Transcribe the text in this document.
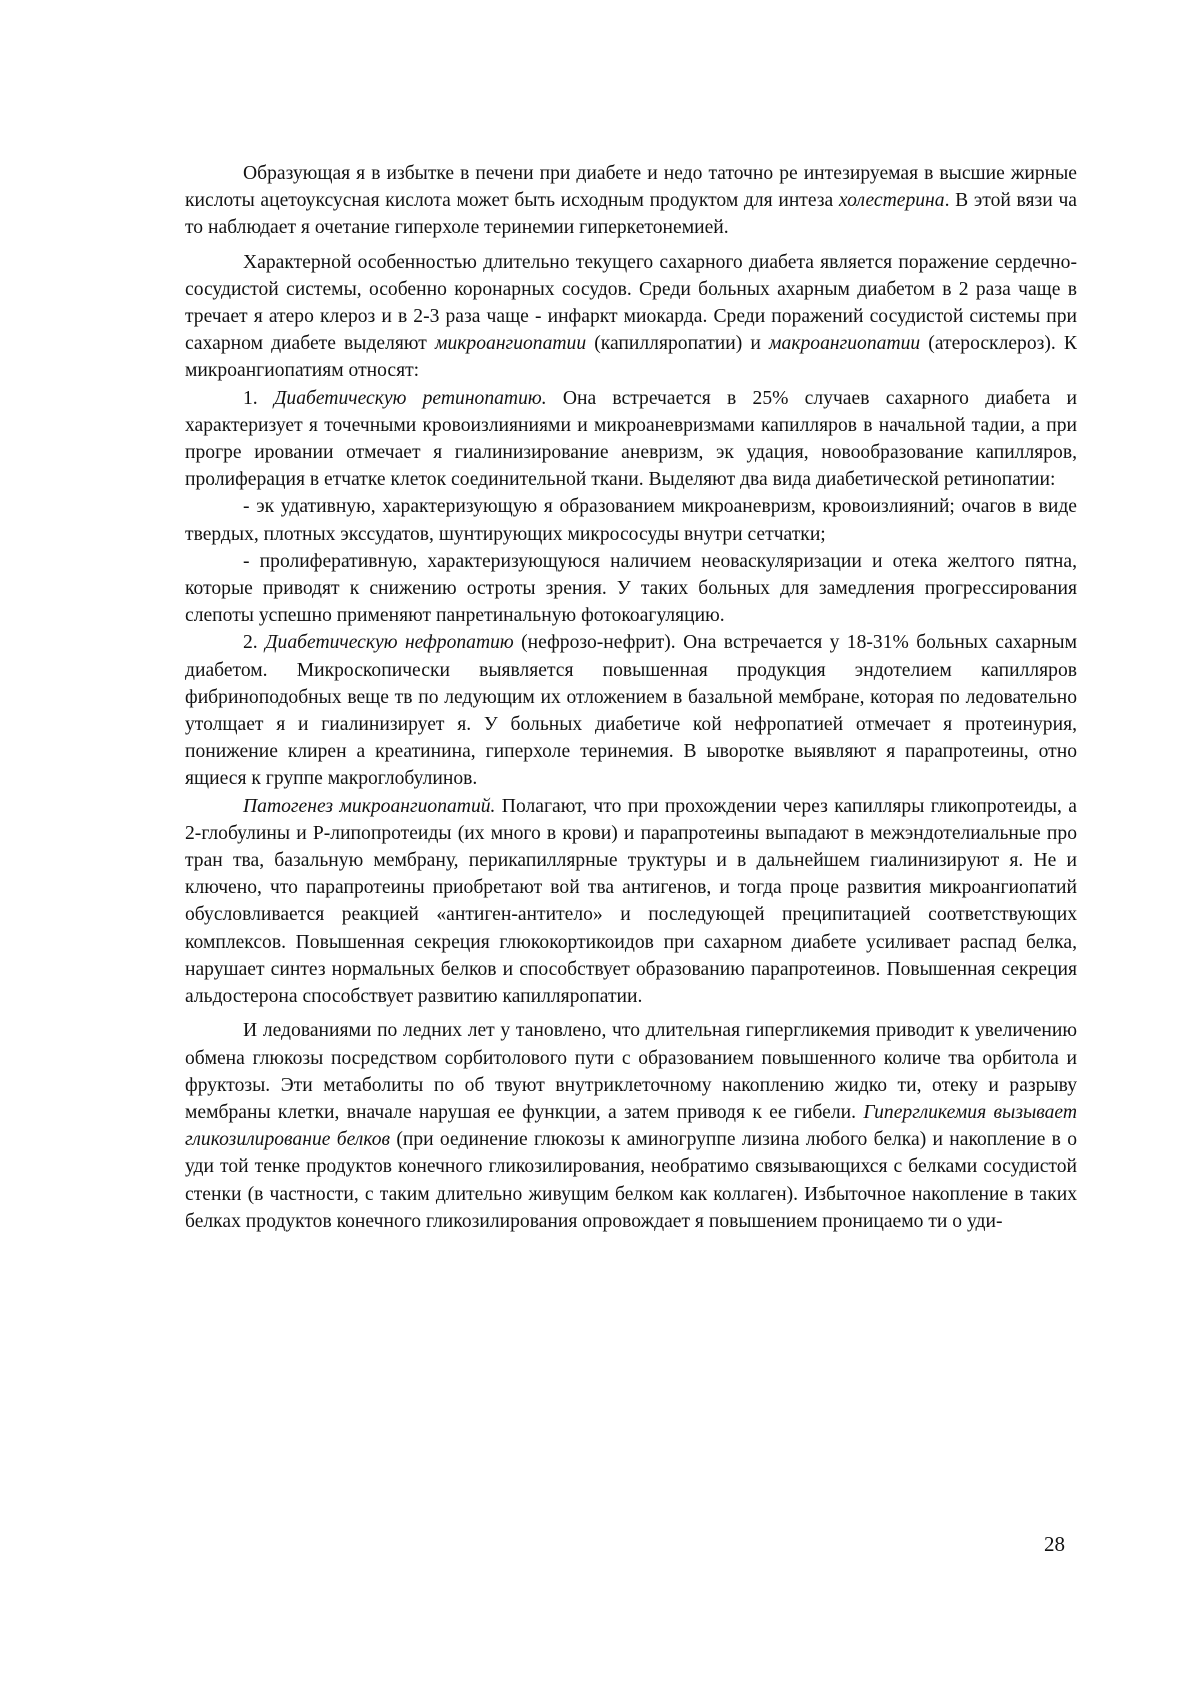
Образующая я в избытке в печени при диабете и недо таточно ре интезируемая в высшие жирные кислоты ацетоуксусная кислота может быть исходным продуктом для интеза холестерина. В этой вязи ча то наблюдает я очетание гиперхоле теринемии гиперкетонемией.

Характерной особенностью длительно текущего сахарного диабета является поражение сердечно-сосудистой системы, особенно коронарных сосудов. Среди больных ахарным диабетом в 2 раза чаще в тречает я атеро клероз и в 2-3 раза чаще - инфаркт миокарда. Среди поражений сосудистой системы при сахарном диабете выделяют микроангиопатии (капилляропатии) и макроангиопатии (атеросклероз). К микроангиопатиям относят:

1. Диабетическую ретинопатию. Она встречается в 25% случаев сахарного диабета и характеризует я точечными кровоизлияниями и микроаневризмами капилляров в начальной тадии, а при прогре ировании отмечает я гиалинизирование аневризм, эк удация, новообразование капилляров, пролиферация в етчатке клеток соединительной ткани. Выделяют два вида диабетической ретинопатии:

- эк удативную, характеризующую я образованием микроаневризм, кровоизлияний; очагов в виде твердых, плотных экссудатов, шунтирующих микрососуды внутри сетчатки;

- пролиферативную, характеризующуюся наличием неоваскуляризации и отека желтого пятна, которые приводят к снижению остроты зрения. У таких больных для замедления прогрессирования слепоты успешно применяют панретинальную фотокоагуляцию.

2. Диабетическую нефропатию (нефрозо-нефрит). Она встречается у 18-31% больных сахарным диабетом. Микроскопически выявляется повышенная продукция эндотелием капилляров фибриноподобных веще тв по ледующим их отложением в базальной мембране, которая по ледовательно утолщает я и гиалинизирует я. У больных диабетиче кой нефропатией отмечает я протеинурия, понижение клирен а креатинина, гиперхоле теринемия. В ыворотке выявляют я парапротеины, отно ящиеся к группе макроглобулинов.

Патогенез микроангиопатий. Полагают, что при прохождении через капилляры гликопротеиды, a 2-глобулины и Р-липопротеиды (их много в крови) и парапротеины выпадают в межэндотелиальные про тран тва, базальную мембрану, перикапиллярные труктуры и в дальнейшем гиалинизируют я. Не и ключено, что парапротеины приобретают вой тва антигенов, и тогда проце развития микроангиопатий обусловливается реакцией «антиген-антитело» и последующей преципитацией соответствующих комплексов. Повышенная секреция глюкокортикоидов при сахарном диабете усиливает распад белка, нарушает синтез нормальных белков и способствует образованию парапротеинов. Повышенная секреция альдостерона способствует развитию капилляропатии.

И ледованиями по ледних лет у тановлено, что длительная гипергликемия приводит к увеличению обмена глюкозы посредством сорбитолового пути с образованием повышенного количе тва орбитола и фруктозы. Эти метаболиты по об твуют внутриклеточному накоплению жидко ти, отеку и разрыву мембраны клетки, вначале нарушая ее функции, а затем приводя к ее гибели. Гипергликемия вызывает гликозилирование белков (при оединение глюкозы к аминогруппе лизина любого белка) и накопление в о уди той тенке продуктов конечного гликозилирования, необратимо связывающихся с белками сосудистой стенки (в частности, с таким длительно живущим белком как коллаген). Избыточное накопление в таких белках продуктов конечного гликозилирования опровождает я повышением проницаемо ти о уди-

28
